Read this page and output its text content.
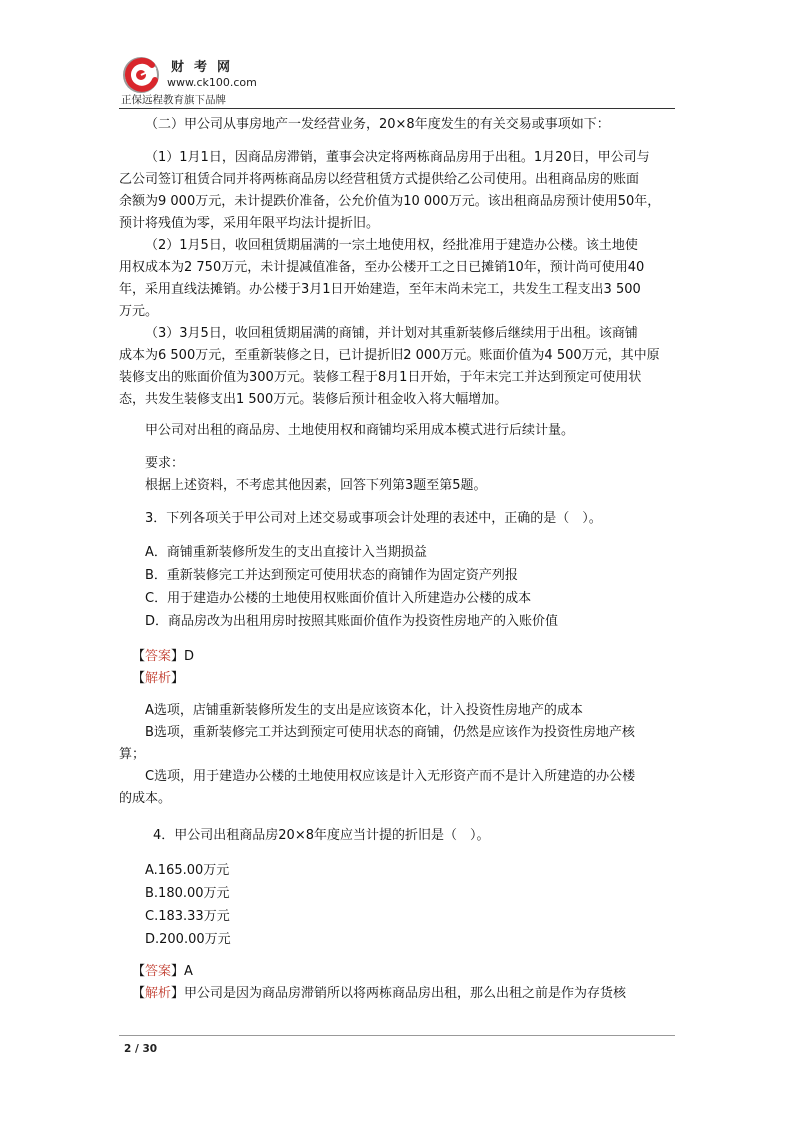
财考网
www.ck100.com
正保远程教育旗下品牌

（二）甲公司从事房地产一发经营业务，20×8年度发生的有关交易或事项如下：

（1）1月1日，因商品房滞销，董事会决定将两栋商品房用于出租。1月20日，甲公司与

乙公司签订租赁合同并将两栋商品房以经营租赁方式提供给乙公司使用。出租商品房的账面

余额为9 000万元，未计提跌价准备，公允价值为10 000万元。该出租商品房预计使用50年，

预计将残值为零，采用年限平均法计提折旧。

（2）1月5日，收回租赁期届满的一宗土地使用权，经批准用于建造办公楼。该土地使

用权成本为2 750万元，未计提减值准备，至办公楼开工之日已摊销10年，预计尚可使用40

年，采用直线法摊销。办公楼于3月1日开始建造，至年末尚未完工，共发生工程支出3 500

万元。

（3）3月5日，收回租赁期届满的商铺，并计划对其重新装修后继续用于出租。该商铺

成本为6 500万元，至重新装修之日，已计提折旧2 000万元。账面价值为4 500万元，其中原

装修支出的账面价值为300万元。装修工程于8月1日开始，于年末完工并达到预定可使用状

态，共发生装修支出1 500万元。装修后预计租金收入将大幅增加。

甲公司对出租的商品房、土地使用权和商铺均采用成本模式进行后续计量。

要求：

根据上述资料，不考虑其他因素，回答下列第3题至第5题。

3．下列各项关于甲公司对上述交易或事项会计处理的表述中，正确的是（　）。

A．商铺重新装修所发生的支出直接计入当期损益

B．重新装修完工并达到预定可使用状态的商铺作为固定资产列报

C．用于建造办公楼的土地使用权账面价值计入所建造办公楼的成本

D．商品房改为出租用房时按照其账面价值作为投资性房地产的入账价值

【答案】D

【解析】

A选项，店铺重新装修所发生的支出是应该资本化，计入投资性房地产的成本

B选项，重新装修完工并达到预定可使用状态的商铺，仍然是应该作为投资性房地产核

算；

C选项，用于建造办公楼的土地使用权应该是计入无形资产而不是计入所建造的办公楼

的成本。

4．甲公司出租商品房20×8年度应当计提的折旧是（　）。

A.165.00万元

B.180.00万元

C.183.33万元

D.200.00万元

【答案】A

【解析】甲公司是因为商品房滞销所以将两栋商品房出租，那么出租之前是作为存货核

2 / 30
